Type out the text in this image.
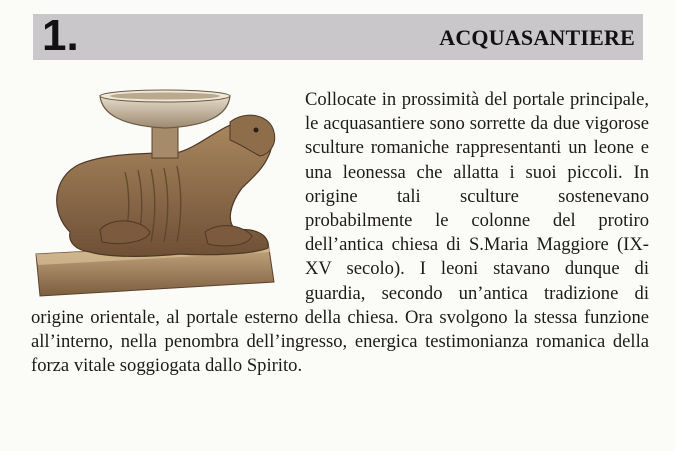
1.	ACQUASANTIERE

Collocate in prossimità del portale principale, le acquasantiere sono sorrette da due vigorose sculture romaniche rappresentanti un leone e una leonessa che allatta i suoi piccoli. In origine tali sculture sostenevano probabilmente le colonne del protiro dell’antica chiesa di S.Maria Maggiore (IX-XV secolo). I leoni stavano dunque di guardia, secondo un’antica tradizione di origine orientale, al portale esterno della chiesa. Ora svolgono la stessa funzione all’interno, nella penombra dell’ingresso, energica testimonianza romanica della forza vitale soggiogata dallo Spirito.
